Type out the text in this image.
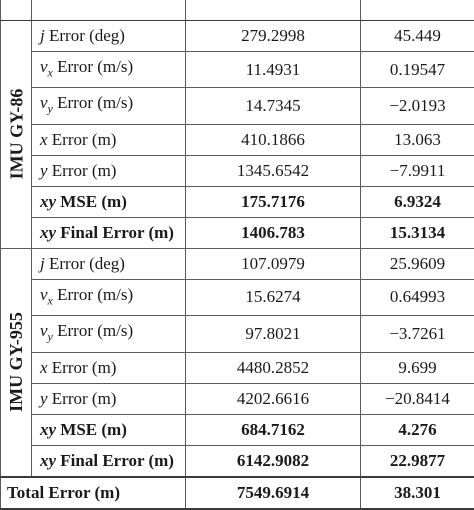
IMU GY-86	j Error (deg)	279.2998	45.449
	$v_x$ Error (m/s)	11.4931	0.19547
	$v_y$ Error (m/s)	14.7345	−2.0193
	x Error (m)	410.1866	13.063
	y Error (m)	1345.6542	−7.9911
	xy MSE (m)	175.7176	6.9324
	xy Final Error (m)	1406.783	15.3134

IMU GY-955	j Error (deg)	107.0979	25.9609
	$v_x$ Error (m/s)	15.6274	0.64993
	$v_y$ Error (m/s)	97.8021	−3.7261
	x Error (m)	4480.2852	9.699
	y Error (m)	4202.6616	−20.8414
	xy MSE (m)	684.7162	4.276
	xy Final Error (m)	6142.9082	22.9877
Total Error (m)		7549.6914	38.301
